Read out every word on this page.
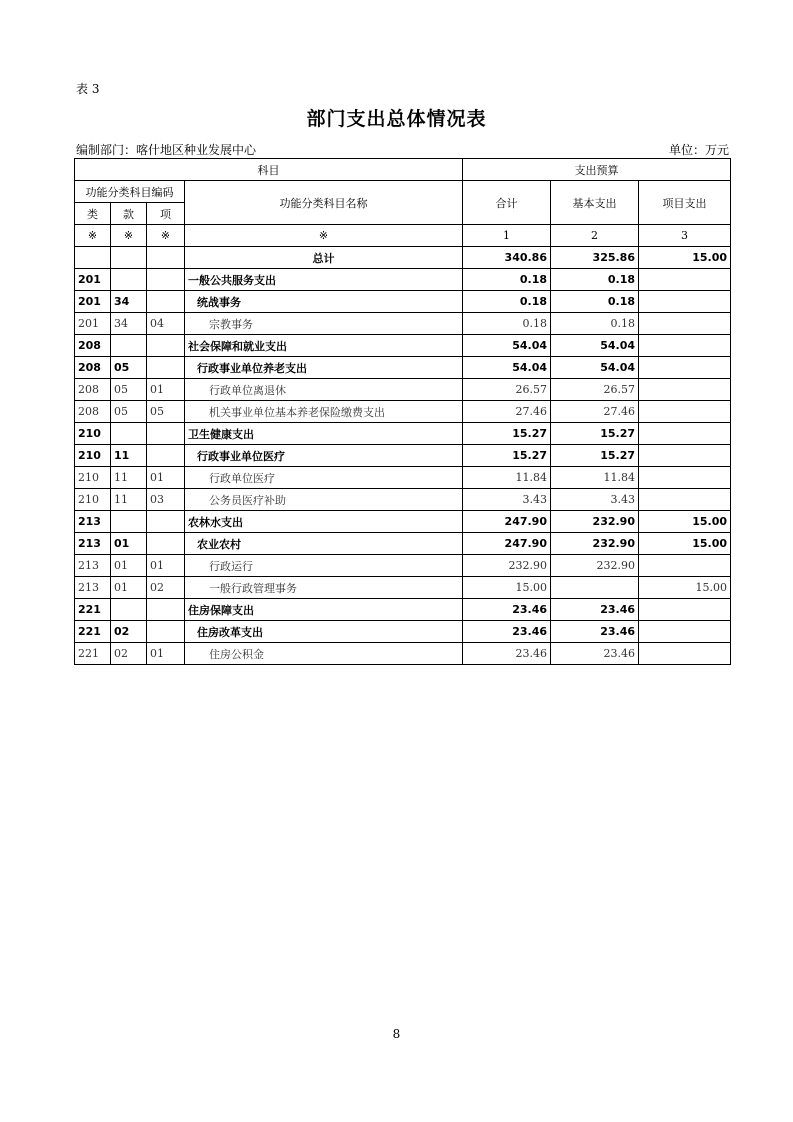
表 3
部门支出总体情况表
编制部门：喀什地区种业发展中心	单位：万元
科目				支出预算		
功能分类科目编码			功能分类科目名称	合计	基本支出	项目支出
类	款	项				
※	※	※	※	1	2	3
			总计	340.86	325.86	15.00
201			一般公共服务支出	0.18	0.18	
201	34		统战事务	0.18	0.18	
201	34	04	宗教事务	0.18	0.18	
208			社会保障和就业支出	54.04	54.04	
208	05		行政事业单位养老支出	54.04	54.04	
208	05	01	行政单位离退休	26.57	26.57	
208	05	05	机关事业单位基本养老保险缴费支出	27.46	27.46	
210			卫生健康支出	15.27	15.27	
210	11		行政事业单位医疗	15.27	15.27	
210	11	01	行政单位医疗	11.84	11.84	
210	11	03	公务员医疗补助	3.43	3.43	
213			农林水支出	247.90	232.90	15.00
213	01		农业农村	247.90	232.90	15.00
213	01	01	行政运行	232.90	232.90	
213	01	02	一般行政管理事务	15.00		15.00
221			住房保障支出	23.46	23.46	
221	02		住房改革支出	23.46	23.46	
221	02	01	住房公积金	23.46	23.46	
8
